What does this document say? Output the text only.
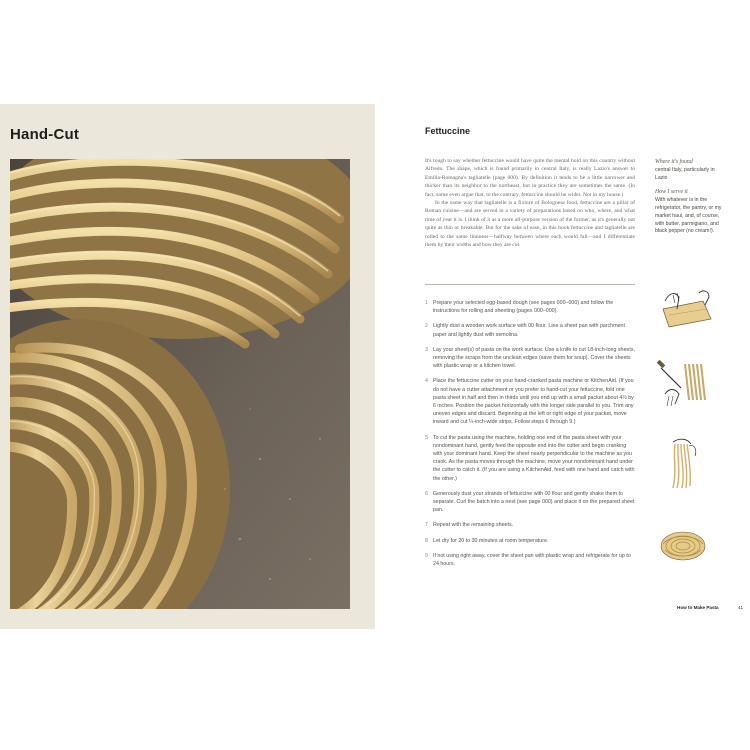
Hand-Cut	Fettuccine

It's tough to say whether fettuccine would have quite the mental hold on this country without Alfredo. The shape, which is found primarily in central Italy, is really Lazio's answer to Emilia-Romagna's tagliatelle (page 000). By definition it tends to be a little narrower and thicker than its neighbor to the northeast, but in practice they are sometimes the same. (In fact, some even argue that, to the contrary, fettuccine should be wider. Not in my house.)

In the same way that tagliatelle is a fixture of Bolognese food, fettuccine are a pillar of Roman cuisine—and are served in a variety of preparations based on who, where, and what time of year it is. I think of it as a more all-purpose version of the former, as it's generally not quite as thin or breakable. But for the sake of ease, in this book fettuccine and tagliatelle are rolled to the same thinness—halfway between where each would fall—and I differentiate them by their widths and how they are cut.

1 Prepare your selected egg-based dough (see pages 000–000) and follow the instructions for rolling and sheeting (pages 000–000).
2 Lightly dust a wooden work surface with 00 flour. Line a sheet pan with parchment paper and lightly dust with semolina.
3 Lay your sheet(s) of pasta on the work surface. Use a knife to cut 18-inch-long sheets, removing the scraps from the unclean edges (save them for soup). Cover the sheets with plastic wrap or a kitchen towel.
4 Place the fettuccine cutter on your hand-cranked pasta machine or KitchenAid. (If you do not have a cutter attachment or you prefer to hand-cut your fettuccine, fold one pasta sheet in half and then in thirds until you end up with a small packet about 4½ by 6 inches. Position the packet horizontally with the longer side parallel to you. Trim any uneven edges and discard. Beginning at the left or right edge of your packet, move inward and cut ¼-inch-wide strips. Follow steps 6 through 9.)
5 To cut the pasta using the machine, holding one end of the pasta sheet with your nondominant hand, gently feed the opposite end into the cutter and begin cranking with your dominant hand. Keep the sheet nearly perpendicular to the machine as you crank. As the pasta moves through the machine, move your nondominant hand under the cutter to catch it. (If you are using a KitchenAid, feed with one hand and catch with the other.)
6 Generously dust your strands of fettuccine with 00 flour and gently shake them to separate. Curl the batch into a nest (see page 000) and place it on the prepared sheet pan.
7 Repeat with the remaining sheets.
8 Let dry for 20 to 30 minutes at room temperature.
9 If not using right away, cover the sheet pan with plastic wrap and refrigerate for up to 24 hours.
Where it's found
central Italy, particularly in Lazio
How I serve it
With whatever is in the refrigerator, the pantry, or my market haul, and, of course, with butter, parmigiano, and black pepper (no cream!).
How to Make Pasta	41
